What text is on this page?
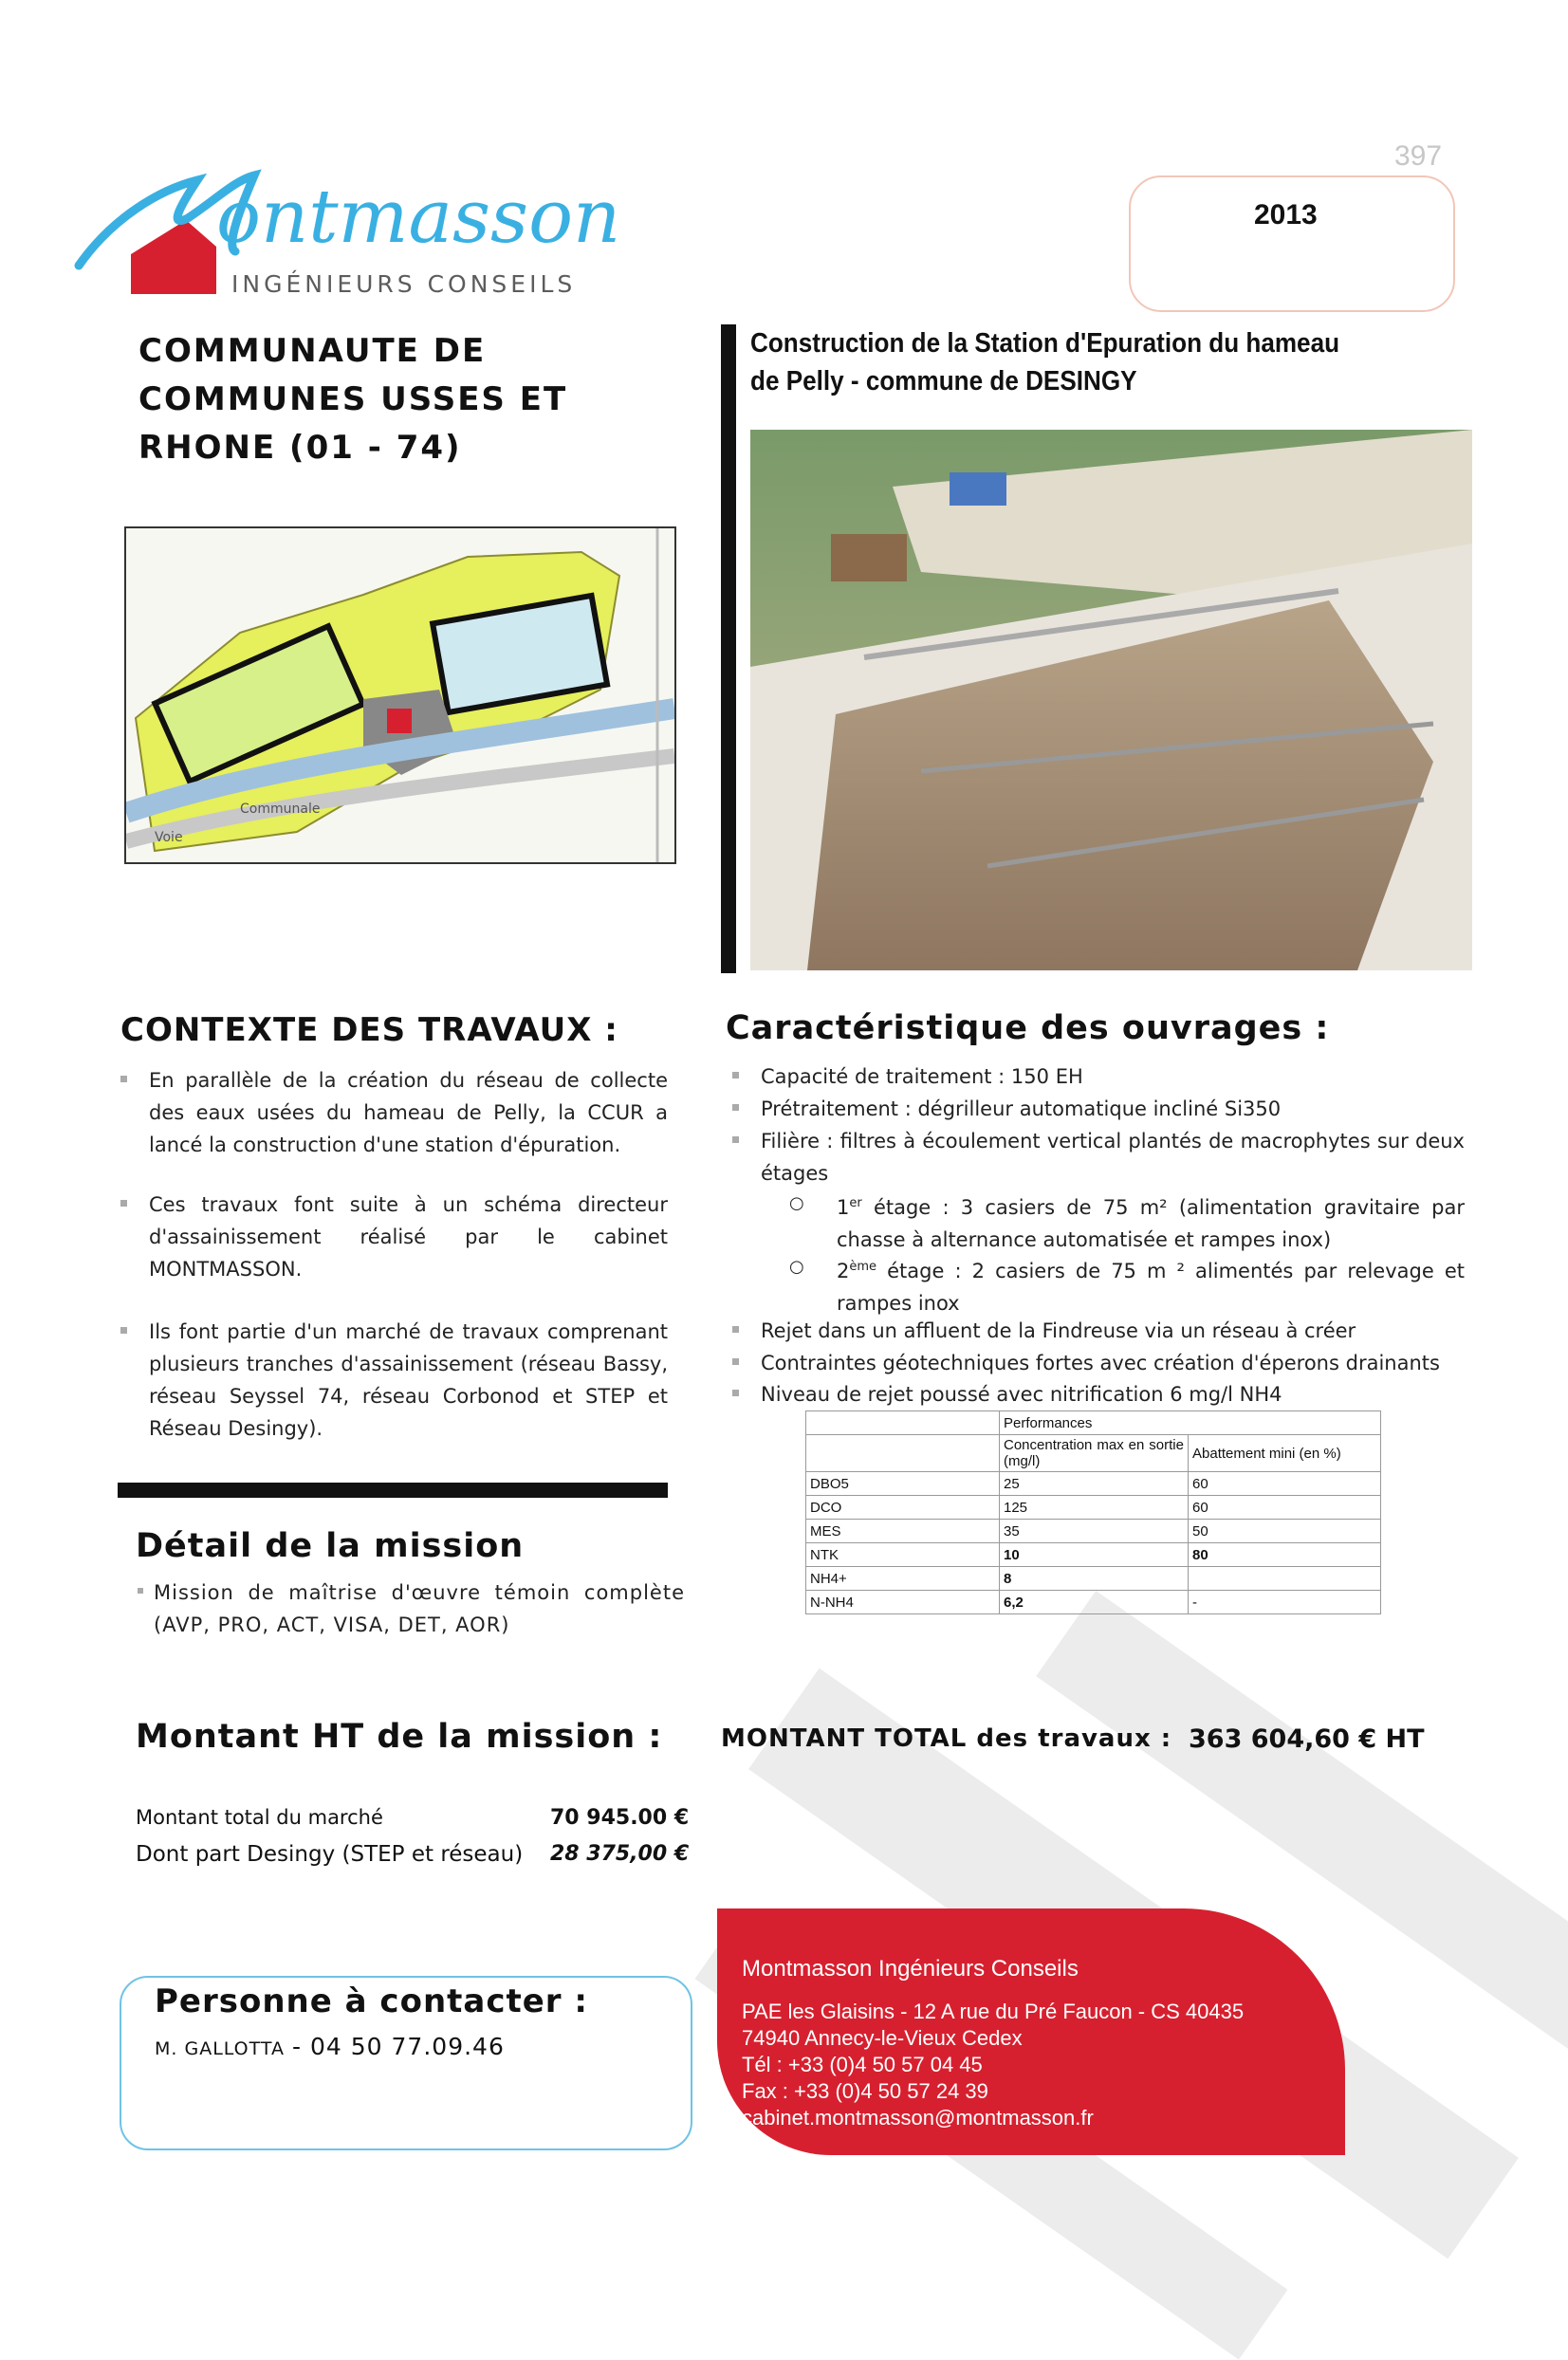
397
2013
ontmasson
INGÉNIEURS CONSEILS
COMMUNAUTE DE COMMUNES USSES ET RHONE (01 - 74)
Construction de la Station d'Epuration du hameau de Pelly - commune de DESINGY
Voie
Communale
CONTEXTE DES TRAVAUX :
En parallèle de la création du réseau de collecte des eaux usées du hameau de Pelly, la CCUR a lancé la construction d'une station d'épuration.
Ces travaux font suite à un schéma directeur d'assainissement réalisé par le cabinet MONTMASSON.
Ils font partie d'un marché de travaux comprenant plusieurs tranches d'assainissement (réseau Bassy, réseau Seyssel 74, réseau Corbonod et STEP et Réseau Desingy).
Caractéristique des ouvrages :
Capacité de traitement : 150 EH
Prétraitement : dégrilleur automatique incliné Si350
Filière : filtres à écoulement vertical plantés de macrophytes sur deux étages
○ 1er étage : 3 casiers de 75 m² (alimentation gravitaire par chasse à alternance automatisée et rampes inox)
○ 2ème étage : 2 casiers de 75 m ² alimentés par relevage et rampes inox
Rejet dans un affluent de la Findreuse via un réseau à créer
Contraintes géotechniques fortes avec création d'éperons drainants
Niveau de rejet poussé avec nitrification 6 mg/l NH4
	Performances	
	Concentration max en sortie (mg/l)	Abattement mini (en %)
DBO5	25	60
DCO	125	60
MES	35	50
NTK	10	80
NH4+	8	
N-NH4	6,2	-
Détail de la mission
Mission de maîtrise d'œuvre témoin complète (AVP, PRO, ACT, VISA, DET, AOR)
Montant HT de la mission : MONTANT TOTAL des travaux : 363 604,60 € HT
Montant total du marché	70 945.00 €
Dont part Desingy (STEP et réseau) 28 375,00 €
Personne à contacter :
M. GALLOTTA - 04 50 77.09.46
Montmasson Ingénieurs Conseils
PAE les Glaisins - 12 A rue du Pré Faucon - CS 40435
74940 Annecy-le-Vieux Cedex
Tél : +33 (0)4 50 57 04 45
Fax : +33 (0)4 50 57 24 39
cabinet.montmasson@montmasson.fr
